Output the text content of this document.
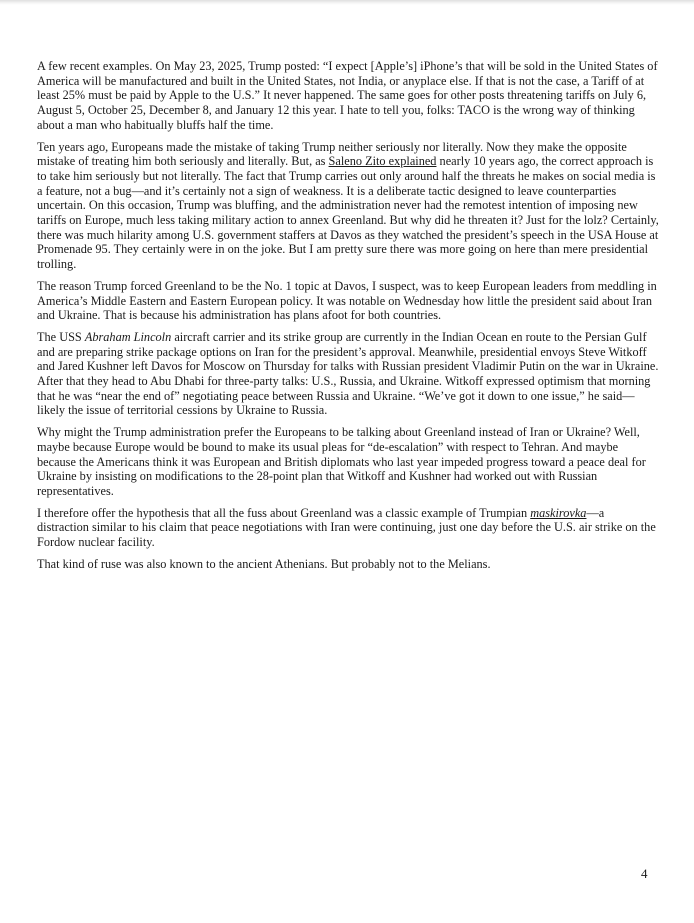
A few recent examples. On May 23, 2025, Trump posted: “I expect [Apple’s] iPhone’s that will be sold in the United States of America will be manufactured and built in the United States, not India, or anyplace else. If that is not the case, a Tariff of at least 25% must be paid by Apple to the U.S.” It never happened. The same goes for other posts threatening tariffs on July 6, August 5, October 25, December 8, and January 12 this year. I hate to tell you, folks: TACO is the wrong way of thinking about a man who habitually bluffs half the time.

Ten years ago, Europeans made the mistake of taking Trump neither seriously nor literally. Now they make the opposite mistake of treating him both seriously and literally. But, as Saleno Zito explained nearly 10 years ago, the correct approach is to take him seriously but not literally. The fact that Trump carries out only around half the threats he makes on social media is a feature, not a bug—and it’s certainly not a sign of weakness. It is a deliberate tactic designed to leave counterparties uncertain. On this occasion, Trump was bluffing, and the administration never had the remotest intention of imposing new tariffs on Europe, much less taking military action to annex Greenland. But why did he threaten it? Just for the lolz? Certainly, there was much hilarity among U.S. government staffers at Davos as they watched the president’s speech in the USA House at Promenade 95. They certainly were in on the joke. But I am pretty sure there was more going on here than mere presidential trolling.

The reason Trump forced Greenland to be the No. 1 topic at Davos, I suspect, was to keep European leaders from meddling in America’s Middle Eastern and Eastern European policy. It was notable on Wednesday how little the president said about Iran and Ukraine. That is because his administration has plans afoot for both countries.

The USS Abraham Lincoln aircraft carrier and its strike group are currently in the Indian Ocean en route to the Persian Gulf and are preparing strike package options on Iran for the president’s approval. Meanwhile, presidential envoys Steve Witkoff and Jared Kushner left Davos for Moscow on Thursday for talks with Russian president Vladimir Putin on the war in Ukraine. After that they head to Abu Dhabi for three-party talks: U.S., Russia, and Ukraine. Witkoff expressed optimism that morning that he was “near the end of” negotiating peace between Russia and Ukraine. “We’ve got it down to one issue,” he said—likely the issue of territorial cessions by Ukraine to Russia.

Why might the Trump administration prefer the Europeans to be talking about Greenland instead of Iran or Ukraine? Well, maybe because Europe would be bound to make its usual pleas for “de-escalation” with respect to Tehran. And maybe because the Americans think it was European and British diplomats who last year impeded progress toward a peace deal for Ukraine by insisting on modifications to the 28-point plan that Witkoff and Kushner had worked out with Russian representatives.

I therefore offer the hypothesis that all the fuss about Greenland was a classic example of Trumpian maskirovka—a distraction similar to his claim that peace negotiations with Iran were continuing, just one day before the U.S. air strike on the Fordow nuclear facility.

That kind of ruse was also known to the ancient Athenians. But probably not to the Melians.

4
